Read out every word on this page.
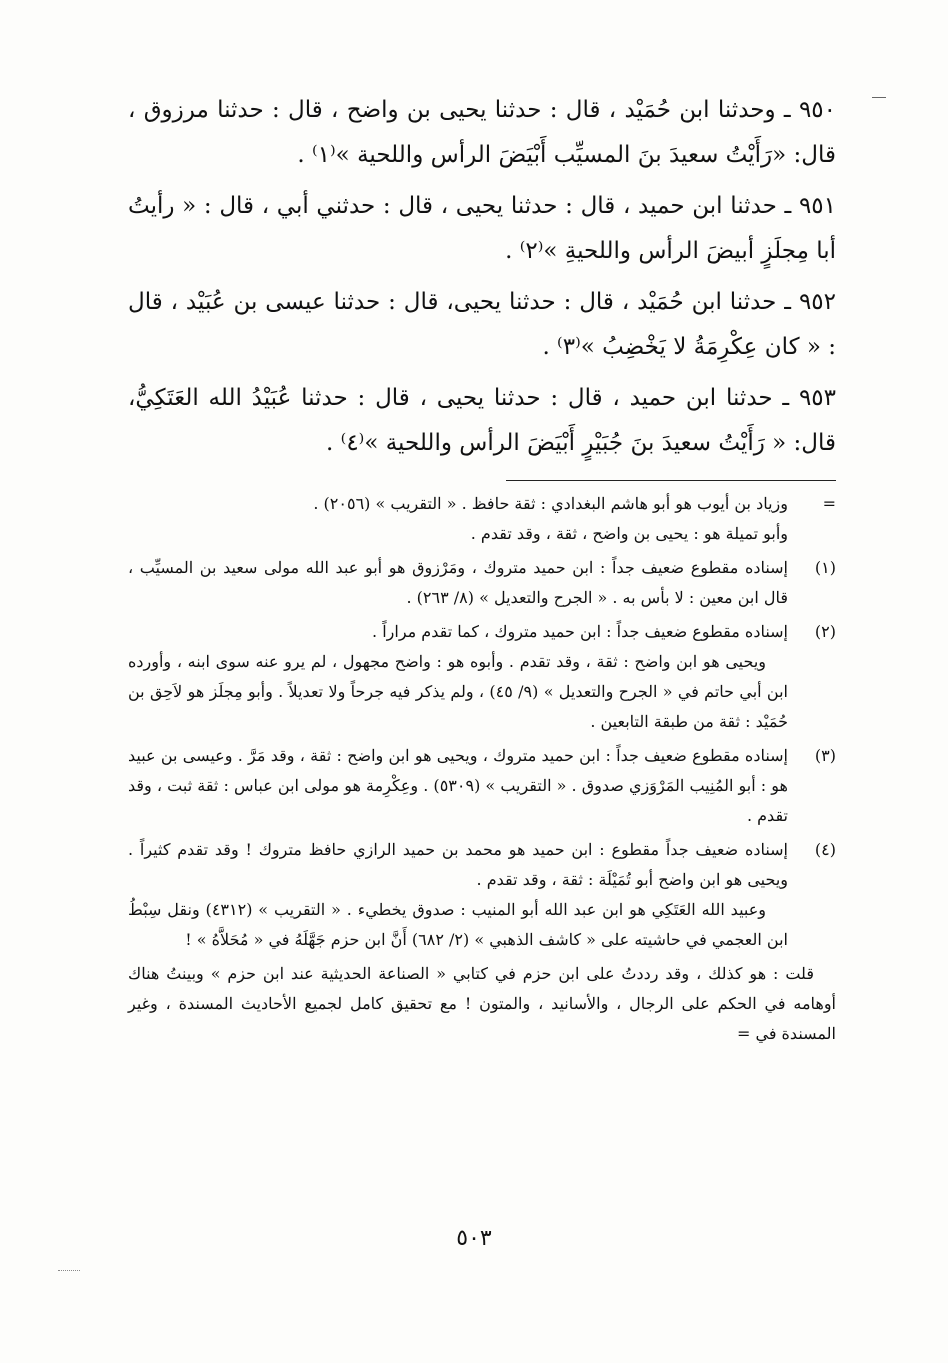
٩٥٠ ـ وحدثنا ابن حُمَيْد ، قال : حدثنا يحيى بن واضح ، قال : حدثنا مرزوق ، قال: «رَأَيْتُ سعيدَ بنَ المسيِّب أَبْيَضَ الرأس واللحية »⁽١⁾ .

٩٥١ ـ حدثنا ابن حميد ، قال : حدثنا يحيى ، قال : حدثني أبي ، قال : « رأيتُ أبا مِجلَزٍ أبيضَ الرأس واللحيةِ »⁽٢⁾ .

٩٥٢ ـ حدثنا ابن حُمَيْد ، قال : حدثنا يحيى، قال : حدثنا عيسى بن عُبَيْد ، قال : « كان عِكْرِمَةُ لا يَخْضِبُ »⁽٣⁾ .

٩٥٣ ـ حدثنا ابن حميد ، قال : حدثنا يحيى ، قال : حدثنا عُبَيْدُ الله العَتَكِيُّ، قال: « رَأَيْتُ سعيدَ بنَ جُبَيْرٍ أَبْيَضَ الرأس واللحية »⁽٤⁾ .

=

وزياد بن أيوب هو أبو هاشم البغدادي : ثقة حافظ . « التقريب » (٢٠٥٦) .

وأبو تميلة هو : يحيى بن واضح ، ثقة ، وقد تقدم .

(١)

إسناده مقطوع ضعيف جداً : ابن حميد متروك ، ومَرْزوق هو أبو عبد الله مولى سعيد بن المسيِّب ، قال ابن معين : لا بأس به . « الجرح والتعديل » (٨/ ٢٦٣) .

(٢)

إسناده مقطوع ضعيف جداً : ابن حميد متروك ، كما تقدم مراراً .

ويحيى هو ابن واضح : ثقة ، وقد تقدم . وأبوه هو : واضح مجهول ، لم يرو عنه سوى ابنه ، وأورده ابن أبي حاتم في « الجرح والتعديل » (٩/ ٤٥) ، ولم يذكر فيه جرحاً ولا تعديلاً . وأبو مِجلَز هو لاَحِق بن حُمَيْد : ثقة من طبقة التابعين .

(٣)

إسناده مقطوع ضعيف جداً : ابن حميد متروك ، ويحيى هو ابن واضح : ثقة ، وقد مَرَّ . وعيسى بن عبيد هو : أبو المُنِيب المَرْوَزي صدوق . « التقريب » (٥٣٠٩) . وعِكْرِمة هو مولى ابن عباس : ثقة ثبت ، وقد تقدم .

(٤)

إسناده ضعيف جداً مقطوع : ابن حميد هو محمد بن حميد الرازي حافظ متروك ! وقد تقدم كثيراً . ويحيى هو ابن واضح أبو تُمَيْلَة : ثقة ، وقد تقدم .

وعبيد الله العَتَكِي هو ابن عبد الله أبو المنيب : صدوق يخطيء . « التقريب » (٤٣١٢) ونقل سِبْطُ ابن العجمي في حاشيته على « كاشف الذهبي » (٢/ ٦٨٢) أَنَّ ابن حزم جَهَّلَهُ في « مُحَلاَّهُ » !

قلت : هو كذلك ، وقد رددتُ على ابن حزم في كتابي « الصناعة الحديثية عند ابن حزم » وبينتُ هناك أوهامه في الحكم على الرجال ، والأسانيد ، والمتون ! مع تحقيق كامل لجميع الأحاديث المسندة ، وغير المسندة في =

٥٠٣
